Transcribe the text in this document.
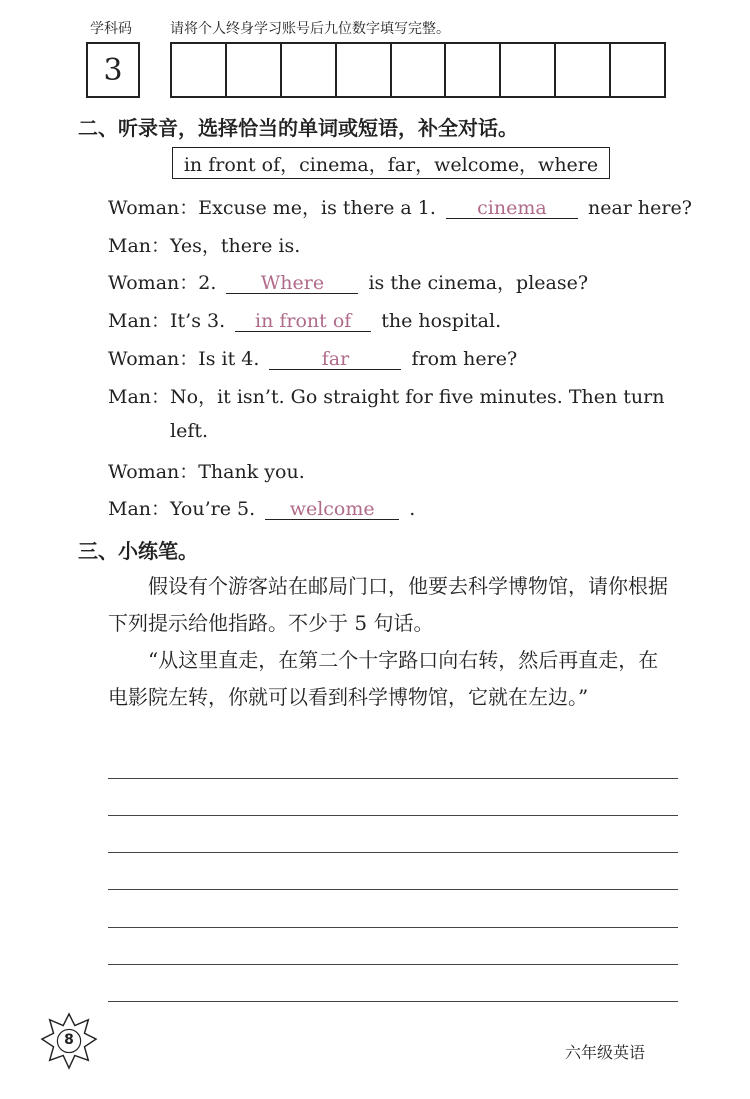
学科码	请将个人终身学习账号后九位数字填写完整。
3
二、听录音，选择恰当的单词或短语，补全对话。
in front of，cinema，far，welcome，where
Woman：Excuse me，is there a 1. cinema near here?
Man：Yes，there is.
Woman：2. Where is the cinema，please?
Man：It’s 3. in front of the hospital.
Woman：Is it 4.	far	from here?
Man：No，it isn’t. Go straight for five minutes. Then turn
left.
Woman：Thank you.
Man：You’re 5. welcome .
三、小练笔。
假设有个游客站在邮局门口，他要去科学博物馆，请你根据下列提示给他指路。不少于 5 句话。
“从这里直走，在第二个十字路口向右转，然后再直走，在电影院左转，你就可以看到科学博物馆，它就在左边。”
8
六年级英语
